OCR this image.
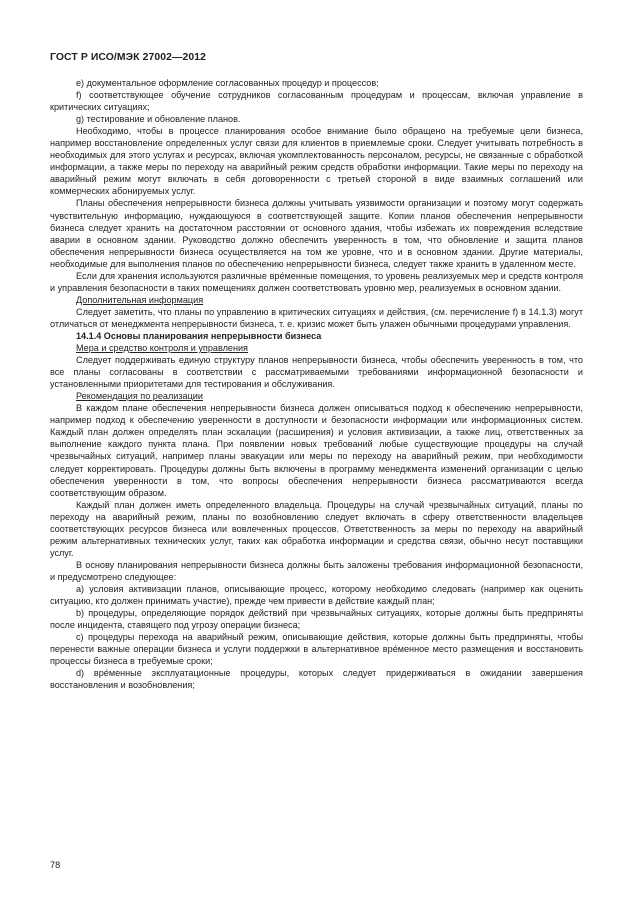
ГОСТ Р ИСО/МЭК 27002—2012

e) документальное оформление согласованных процедур и процессов;

f) соответствующее обучение сотрудников согласованным процедурам и процессам, включая управление в критических ситуациях;

g) тестирование и обновление планов.

Необходимо, чтобы в процессе планирования особое внимание было обращено на требуемые цели бизнеса, например восстановление определенных услуг связи для клиентов в приемлемые сроки. Следует учитывать потребность в необходимых для этого услугах и ресурсах, включая укомплектованность персоналом, ресурсы, не связанные с обработкой информации, а также меры по переходу на аварийный режим средств обработки информации. Такие меры по переходу на аварийный режим могут включать в себя договоренности с третьей стороной в виде взаимных соглашений или коммерческих абонируемых услуг.

Планы обеспечения непрерывности бизнеса должны учитывать уязвимости организации и поэтому могут содержать чувствительную информацию, нуждающуюся в соответствующей защите. Копии планов обеспечения непрерывности бизнеса следует хранить на достаточном расстоянии от основного здания, чтобы избежать их повреждения вследствие аварии в основном здании. Руководство должно обеспечить уверенность в том, что обновление и защита планов обеспечения непрерывности бизнеса осуществляется на том же уровне, что и в основном здании. Другие материалы, необходимые для выполнения планов по обеспечению непрерывности бизнеса, следует также хранить в удаленном месте.

Если для хранения используются различные вре́менные помещения, то уровень реализуемых мер и средств контроля и управления безопасности в таких помещениях должен соответствовать уровню мер, реализуемых в основном здании.

Дополнительная информация

Следует заметить, что планы по управлению в критических ситуациях и действия, (см. перечисление f) в 14.1.3) могут отличаться от менеджмента непрерывности бизнеса, т. е. кризис может быть улажен обычными процедурами управления.

14.1.4 Основы планирования непрерывности бизнеса

Мера и средство контроля и управления

Следует поддерживать единую структуру планов непрерывности бизнеса, чтобы обеспечить уверенность в том, что все планы согласованы в соответствии с рассматриваемыми требованиями информационной безопасности и установленными приоритетами для тестирования и обслуживания.

Рекомендация по реализации

В каждом плане обеспечения непрерывности бизнеса должен описываться подход к обеспечению непрерывности, например подход к обеспечению уверенности в доступности и безопасности информации или информационных систем. Каждый план должен определять план эскалации (расширения) и условия активизации, а также лиц, ответственных за выполнение каждого пункта плана. При появлении новых требований любые существующие процедуры на случай чрезвычайных ситуаций, например планы эвакуации или меры по переходу на аварийный режим, при необходимости следует корректировать. Процедуры должны быть включены в программу менеджмента изменений организации с целью обеспечения уверенности в том, что вопросы обеспечения непрерывности бизнеса рассматриваются всегда соответствующим образом.

Каждый план должен иметь определенного владельца. Процедуры на случай чрезвычайных ситуаций, планы по переходу на аварийный режим, планы по возобновлению следует включать в сферу ответственности владельцев соответствующих ресурсов бизнеса или вовлеченных процессов. Ответственность за меры по переходу на аварийный режим альтернативных технических услуг, таких как обработка информации и средства связи, обычно несут поставщики услуг.

В основу планирования непрерывности бизнеса должны быть заложены требования информационной безопасности, и предусмотрено следующее:

a) условия активизации планов, описывающие процесс, которому необходимо следовать (например как оценить ситуацию, кто должен принимать участие), прежде чем привести в действие каждый план;

b) процедуры, определяющие порядок действий при чрезвычайных ситуациях, которые должны быть предприняты после инцидента, ставящего под угрозу операции бизнеса;

c) процедуры перехода на аварийный режим, описывающие действия, которые должны быть предприняты, чтобы перенести важные операции бизнеса и услуги поддержки в альтернативное вре́менное место размещения и восстановить процессы бизнеса в требуемые сроки;

d) вре́менные эксплуатационные процедуры, которых следует придерживаться в ожидании завершения восстановления и возобновления;

78
